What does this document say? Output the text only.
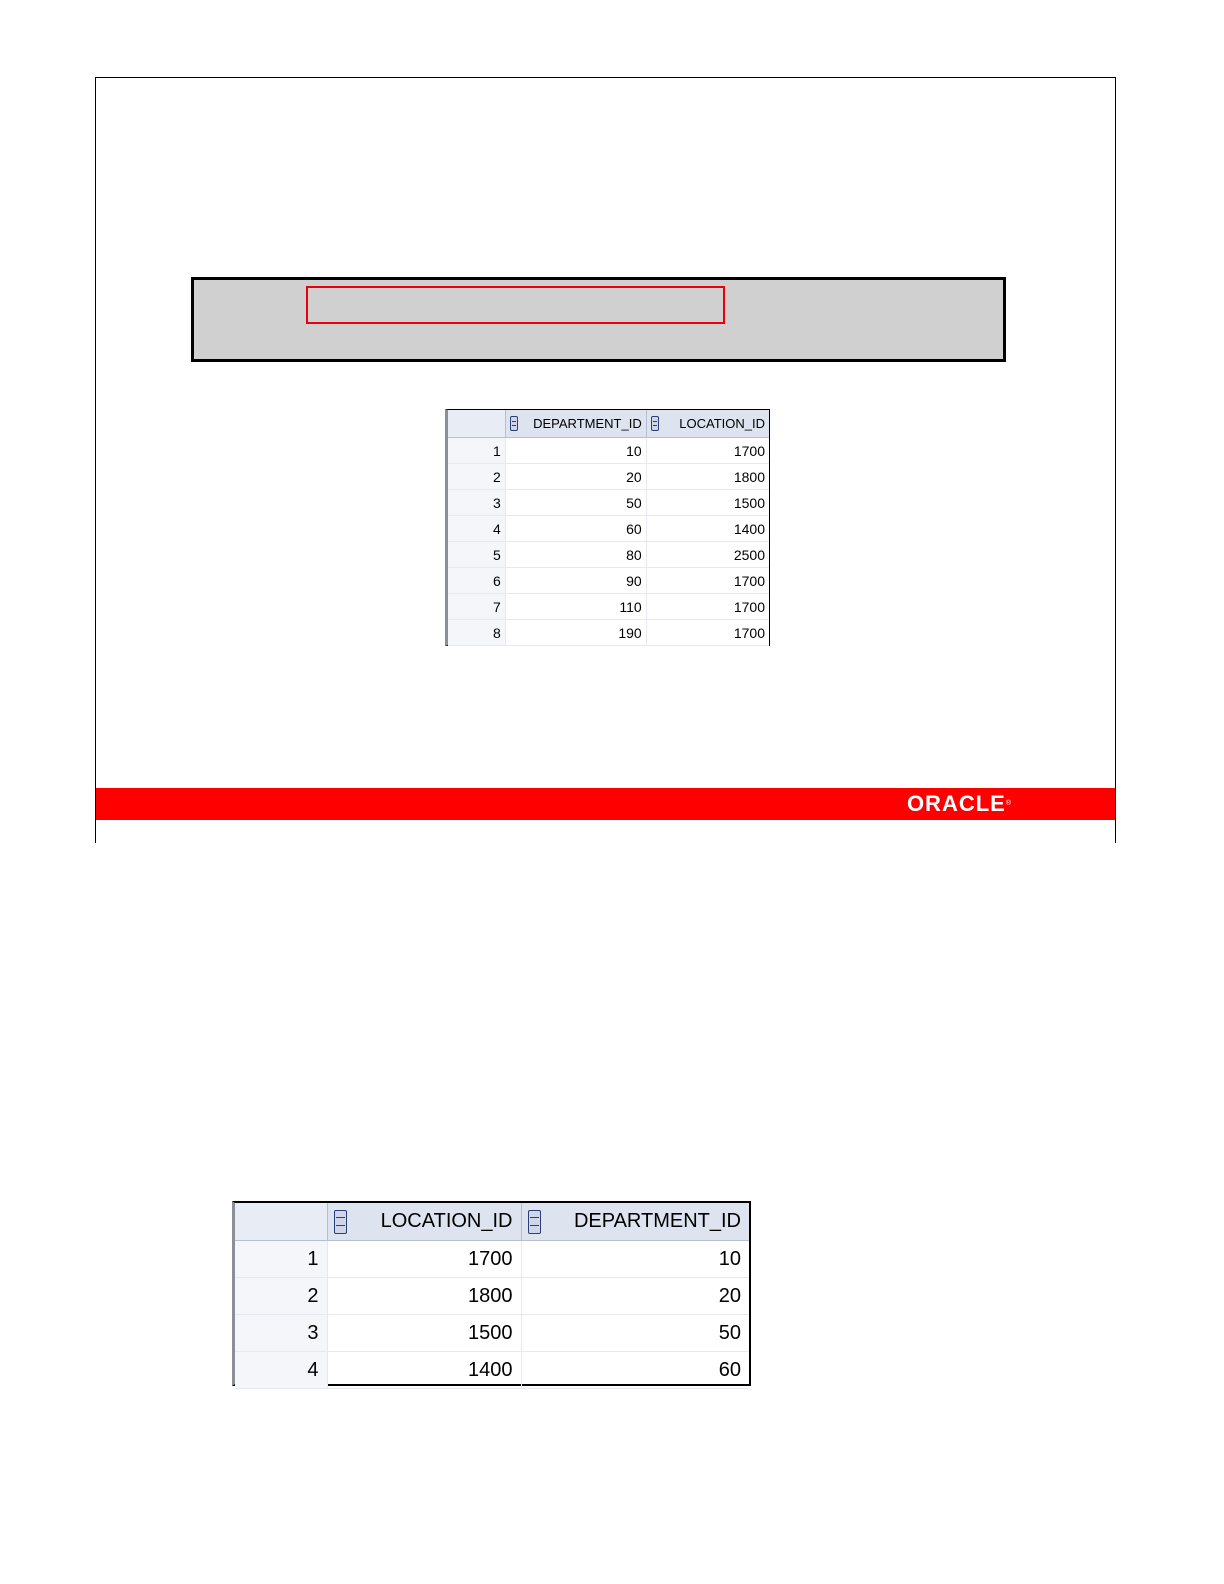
ORACLE®

	DEPARTMENT_ID	LOCATION_ID

1	10	1700
2	20	1800
3	50	1500
4	60	1400
5	80	2500
6	90	1700
7	110	1700
8	190	1700

	LOCATION_ID	DEPARTMENT_ID

1	1700	10
2	1800	20
3	1500	50
4	1400	60
